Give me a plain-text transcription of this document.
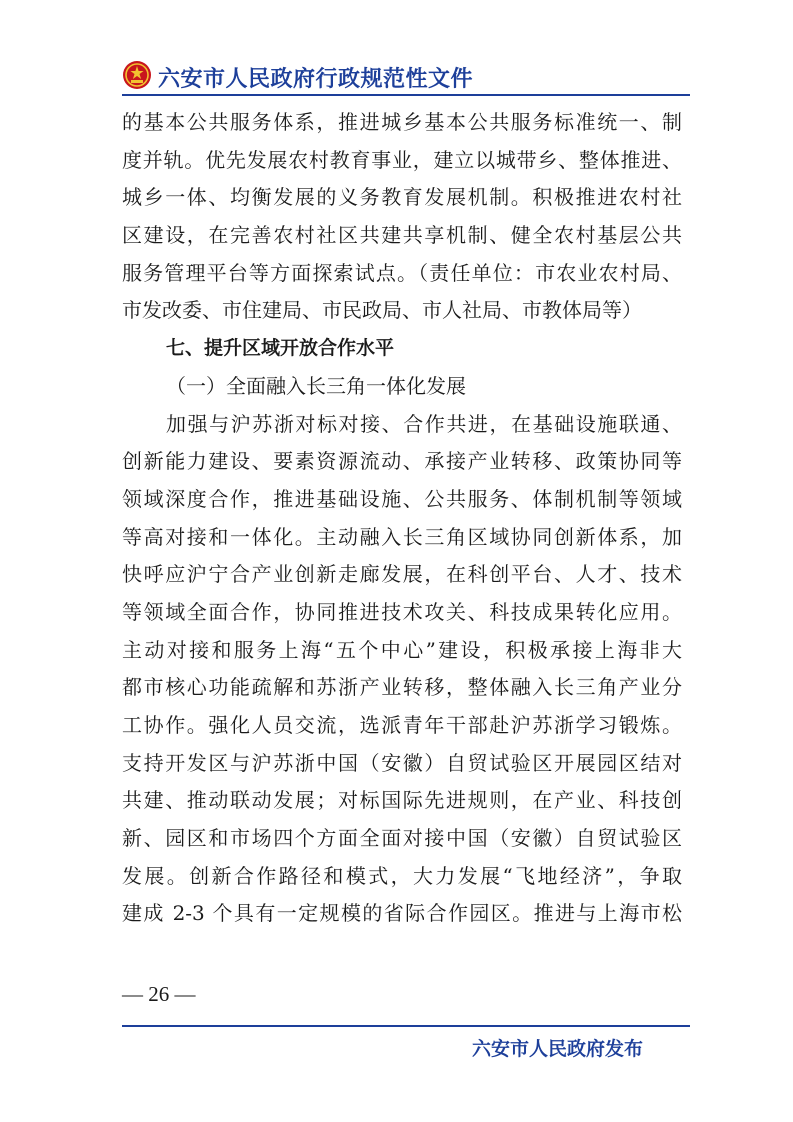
六安市人民政府行政规范性文件
的基本公共服务体系，推进城乡基本公共服务标准统一、制
度并轨。优先发展农村教育事业，建立以城带乡、整体推进、
城乡一体、均衡发展的义务教育发展机制。积极推进农村社
区建设，在完善农村社区共建共享机制、健全农村基层公共
服务管理平台等方面探索试点。（责任单位：市农业农村局、
市发改委、市住建局、市民政局、市人社局、市教体局等）
七、提升区域开放合作水平
（一）全面融入长三角一体化发展
加强与沪苏浙对标对接、合作共进，在基础设施联通、
创新能力建设、要素资源流动、承接产业转移、政策协同等
领域深度合作，推进基础设施、公共服务、体制机制等领域
等高对接和一体化。主动融入长三角区域协同创新体系，加
快呼应沪宁合产业创新走廊发展，在科创平台、人才、技术
等领域全面合作，协同推进技术攻关、科技成果转化应用。
主动对接和服务上海“五个中心”建设，积极承接上海非大
都市核心功能疏解和苏浙产业转移，整体融入长三角产业分
工协作。强化人员交流，选派青年干部赴沪苏浙学习锻炼。
支持开发区与沪苏浙中国（安徽）自贸试验区开展园区结对
共建、推动联动发展；对标国际先进规则，在产业、科技创
新、园区和市场四个方面全面对接中国（安徽）自贸试验区
发展。创新合作路径和模式，大力发展“飞地经济”，争取
建成 2-3 个具有一定规模的省际合作园区。推进与上海市松
— 26 —
六安市人民政府发布
